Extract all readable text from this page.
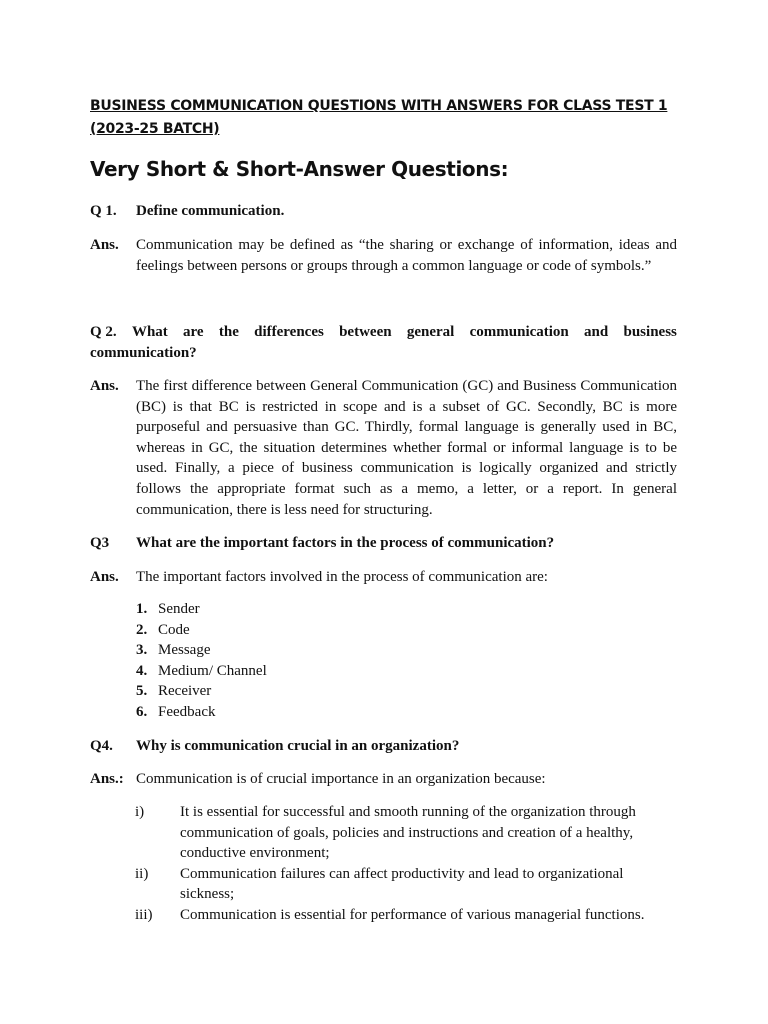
BUSINESS COMMUNICATION QUESTIONS WITH ANSWERS FOR CLASS TEST 1 (2023-25 BATCH)

Very Short & Short-Answer Questions:

Q 1. Define communication.
Ans. Communication may be defined as “the sharing or exchange of information, ideas and feelings between persons or groups through a common language or code of symbols.”
Q 2. What are the differences between general communication and business
communication?
Ans. The first difference between General Communication (GC) and Business Communication (BC) is that BC is restricted in scope and is a subset of GC. Secondly, BC is more purposeful and persuasive than GC. Thirdly, formal language is generally used in BC, whereas in GC, the situation determines whether formal or informal language is to be used. Finally, a piece of business communication is logically organized and strictly follows the appropriate format such as a memo, a letter, or a report. In general communication, there is less need for structuring.
Q3 What are the important factors in the process of communication?
Ans. The important factors involved in the process of communication are:
1. Sender
2. Code
3. Message
4. Medium/ Channel
5. Receiver
6. Feedback
Q4. Why is communication crucial in an organization?
Ans.: Communication is of crucial importance in an organization because:
i)	It is essential for successful and smooth running of the organization through communication of goals, policies and instructions and creation of a healthy, conductive environment;
ii)	Communication failures can affect productivity and lead to organizational sickness;
iii)	Communication is essential for performance of various managerial functions.
